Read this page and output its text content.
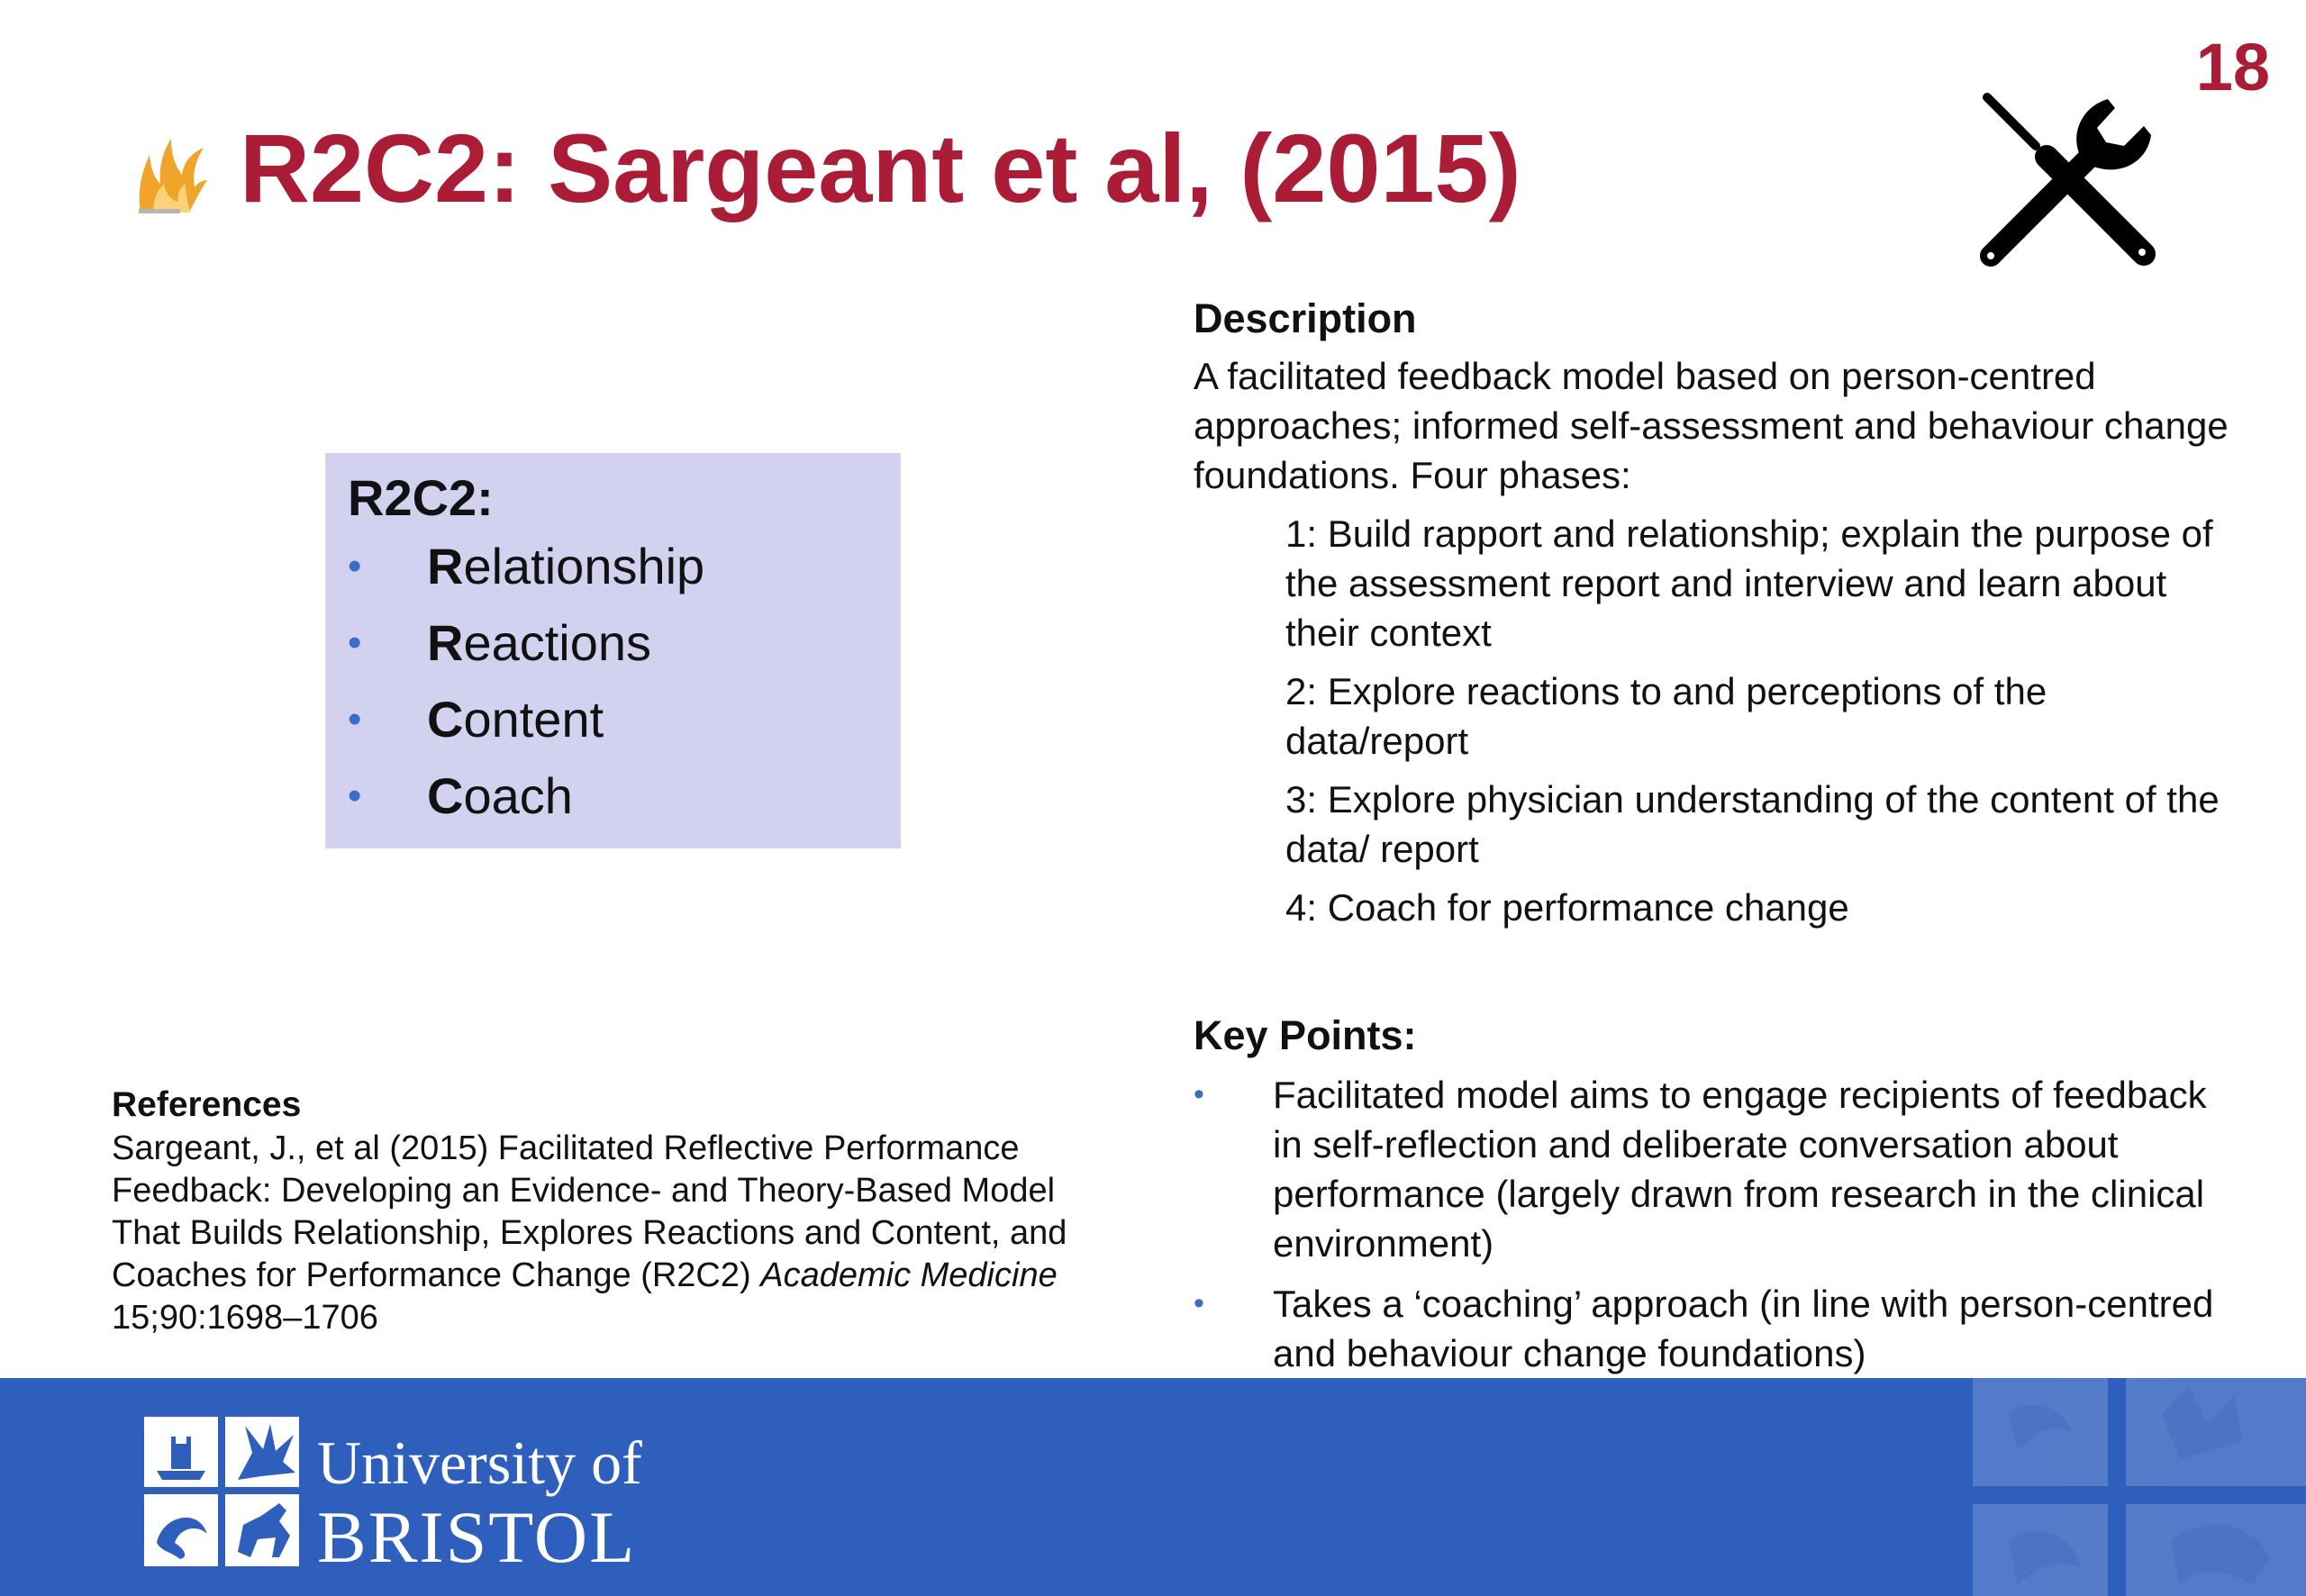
18
R2C2: Sargeant et al, (2015)
R2C2:
•	Relationship
•	Reactions
•	Content
•	Coach
Description
A facilitated feedback model based on person-centred approaches; informed self-assessment and behaviour change foundations. Four phases:
1: Build rapport and relationship; explain the purpose of the assessment report and interview and learn about their context
2: Explore reactions to and perceptions of the data/report
3: Explore physician understanding of the content of the data/ report
4: Coach for performance change
Key Points:
• Facilitated model aims to engage recipients of feedback in self-reflection and deliberate conversation about performance (largely drawn from research in the clinical environment)
• Takes a ‘coaching’ approach (in line with person-centred and behaviour change foundations)
References
Sargeant, J., et al (2015) Facilitated Reflective Performance Feedback: Developing an Evidence- and Theory-Based Model That Builds Relationship, Explores Reactions and Content, and Coaches for Performance Change (R2C2) Academic Medicine
15;90:1698–1706
University of
BRISTOL
